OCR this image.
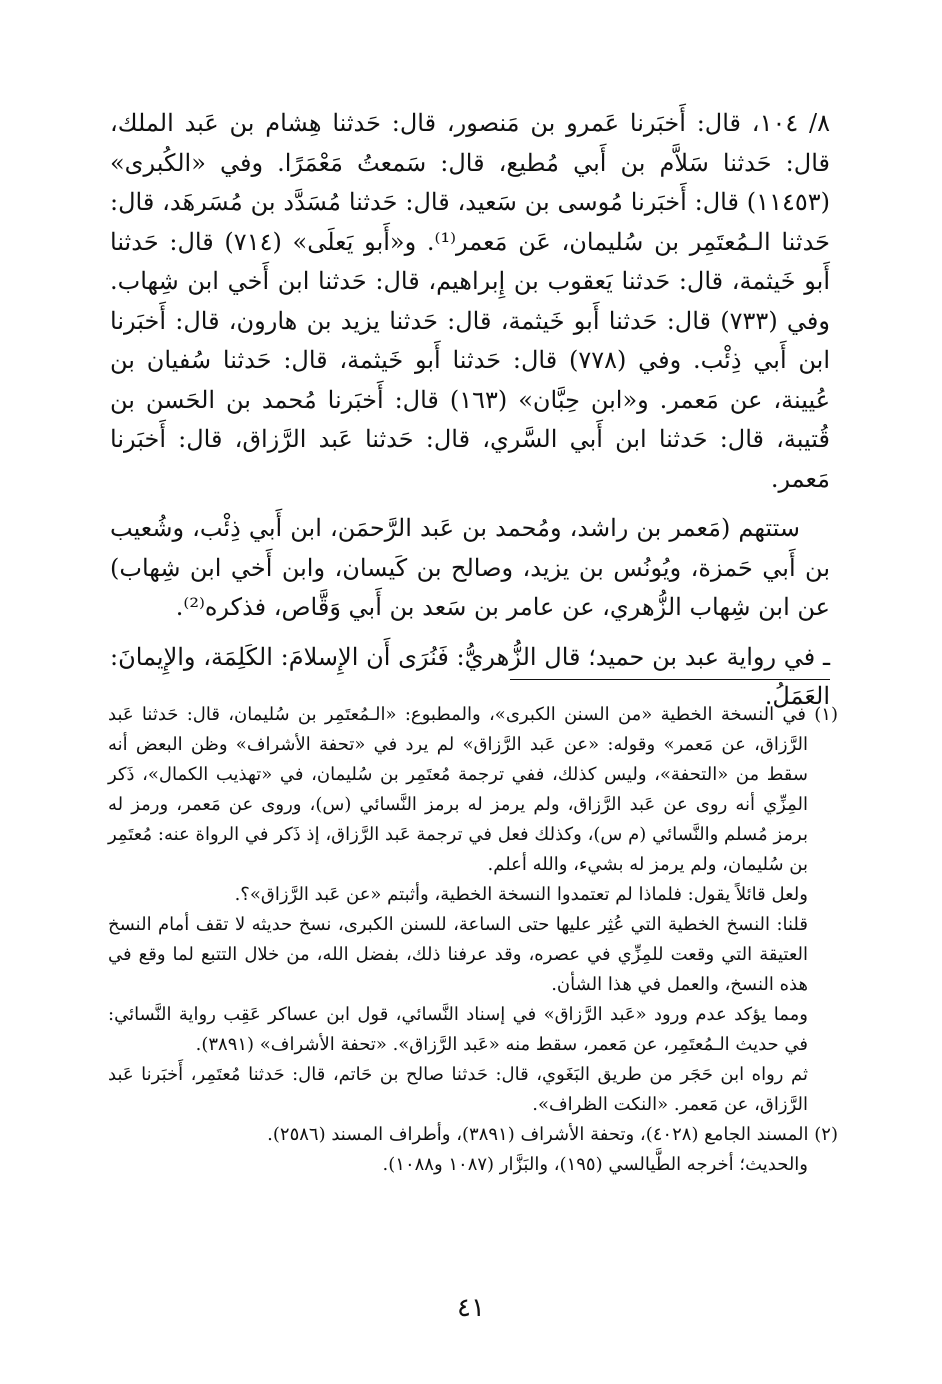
٨/ ١٠٤، قال: أَخبَرنا عَمرو بن مَنصور، قال: حَدثنا هِشام بن عَبد الملك، قال: حَدثنا سَلاَّم بن أَبي مُطيع، قال: سَمعتُ مَعْمَرًا. وفي «الكُبرى» (١١٤٥٣) قال: أَخبَرنا مُوسى بن سَعيد، قال: حَدثنا مُسَدَّد بن مُسَرهَد، قال: حَدثنا الـمُعتَمِر بن سُليمان، عَن مَعمر⁽¹⁾. و«أَبو يَعلَى» (٧١٤) قال: حَدثنا أَبو خَيثمة، قال: حَدثنا يَعقوب بن إِبراهيم، قال: حَدثنا ابن أَخي ابن شِهاب. وفي (٧٣٣) قال: حَدثنا أَبو خَيثمة، قال: حَدثنا يزيد بن هارون، قال: أَخبَرنا ابن أَبي ذِئْب. وفي (٧٧٨) قال: حَدثنا أَبو خَيثمة، قال: حَدثنا سُفيان بن عُيينة، عن مَعمر. و«ابن حِبَّان» (١٦٣) قال: أَخبَرنا مُحمد بن الحَسن بن قُتيبة، قال: حَدثنا ابن أَبي السَّري، قال: حَدثنا عَبد الرَّزاق، قال: أَخبَرنا مَعمر.

ستتهم (مَعمر بن راشد، ومُحمد بن عَبد الرَّحمَن، ابن أَبي ذِئْب، وشُعيب بن أَبي حَمزة، ويُونُس بن يزيد، وصالح بن كَيسان، وابن أَخي ابن شِهاب) عن ابن شِهاب الزُّهري، عن عامر بن سَعد بن أَبي وَقَّاص، فذكره⁽²⁾.

ـ في رواية عبد بن حميد؛ قال الزُّهريُّ: فَنُرَى أَن الإِسلامَ: الكَلِمَة، والإِيمانَ: العَمَلُ.

(١) في النسخة الخطية «من السنن الكبرى»، والمطبوع: «الـمُعتَمِر بن سُليمان، قال: حَدثنا عَبد الرَّزاق، عن مَعمر» وقوله: «عن عَبد الرَّزاق» لم يرد في «تحفة الأشراف» وظن البعض أنه سقط من «التحفة»، وليس كذلك، ففي ترجمة مُعتَمِر بن سُليمان، في «تهذيب الكمال»، ذَكر المِزِّي أنه روى عن عَبد الرَّزاق، ولم يرمز له برمز النَّسائي (س)، وروى عن مَعمر، ورمز له برمز مُسلم والنَّسائي (م س)، وكذلك فعل في ترجمة عَبد الرَّزاق، إذ ذَكر في الرواة عنه: مُعتَمِر بن سُليمان، ولم يرمز له بشيء، والله أعلم.

ولعل قائلاً يقول: فلماذا لم تعتمدوا النسخة الخطية، وأثبتم «عن عَبد الرَّزاق»؟.

قلنا: النسخ الخطية التي عُثِر عليها حتى الساعة، للسنن الكبرى، نسخ حديثه لا تقف أمام النسخ العتيقة التي وقعت للمِزِّي في عصره، وقد عرفنا ذلك، بفضل الله، من خلال التتبع لما وقع في هذه النسخ، والعمل في هذا الشأن.

ومما يؤكد عدم ورود «عَبد الرَّزاق» في إسناد النَّسائي، قول ابن عساكر عَقِب رواية النَّسائي: في حديث الـمُعتَمِر، عن مَعمر، سقط منه «عَبد الرَّزاق». «تحفة الأشراف» (٣٨٩١).

ثم رواه ابن حَجَر من طريق البَغَوي، قال: حَدثنا صالح بن حَاتم، قال: حَدثنا مُعتَمِر، أَخبَرنا عَبد الرَّزاق، عن مَعمر. «النكت الظراف».

(٢) المسند الجامع (٤٠٢٨)، وتحفة الأشراف (٣٨٩١)، وأطراف المسند (٢٥٨٦).

والحديث؛ أخرجه الطَّيالسي (١٩٥)، والبَزَّار (١٠٨٧ و١٠٨٨).

٤١
